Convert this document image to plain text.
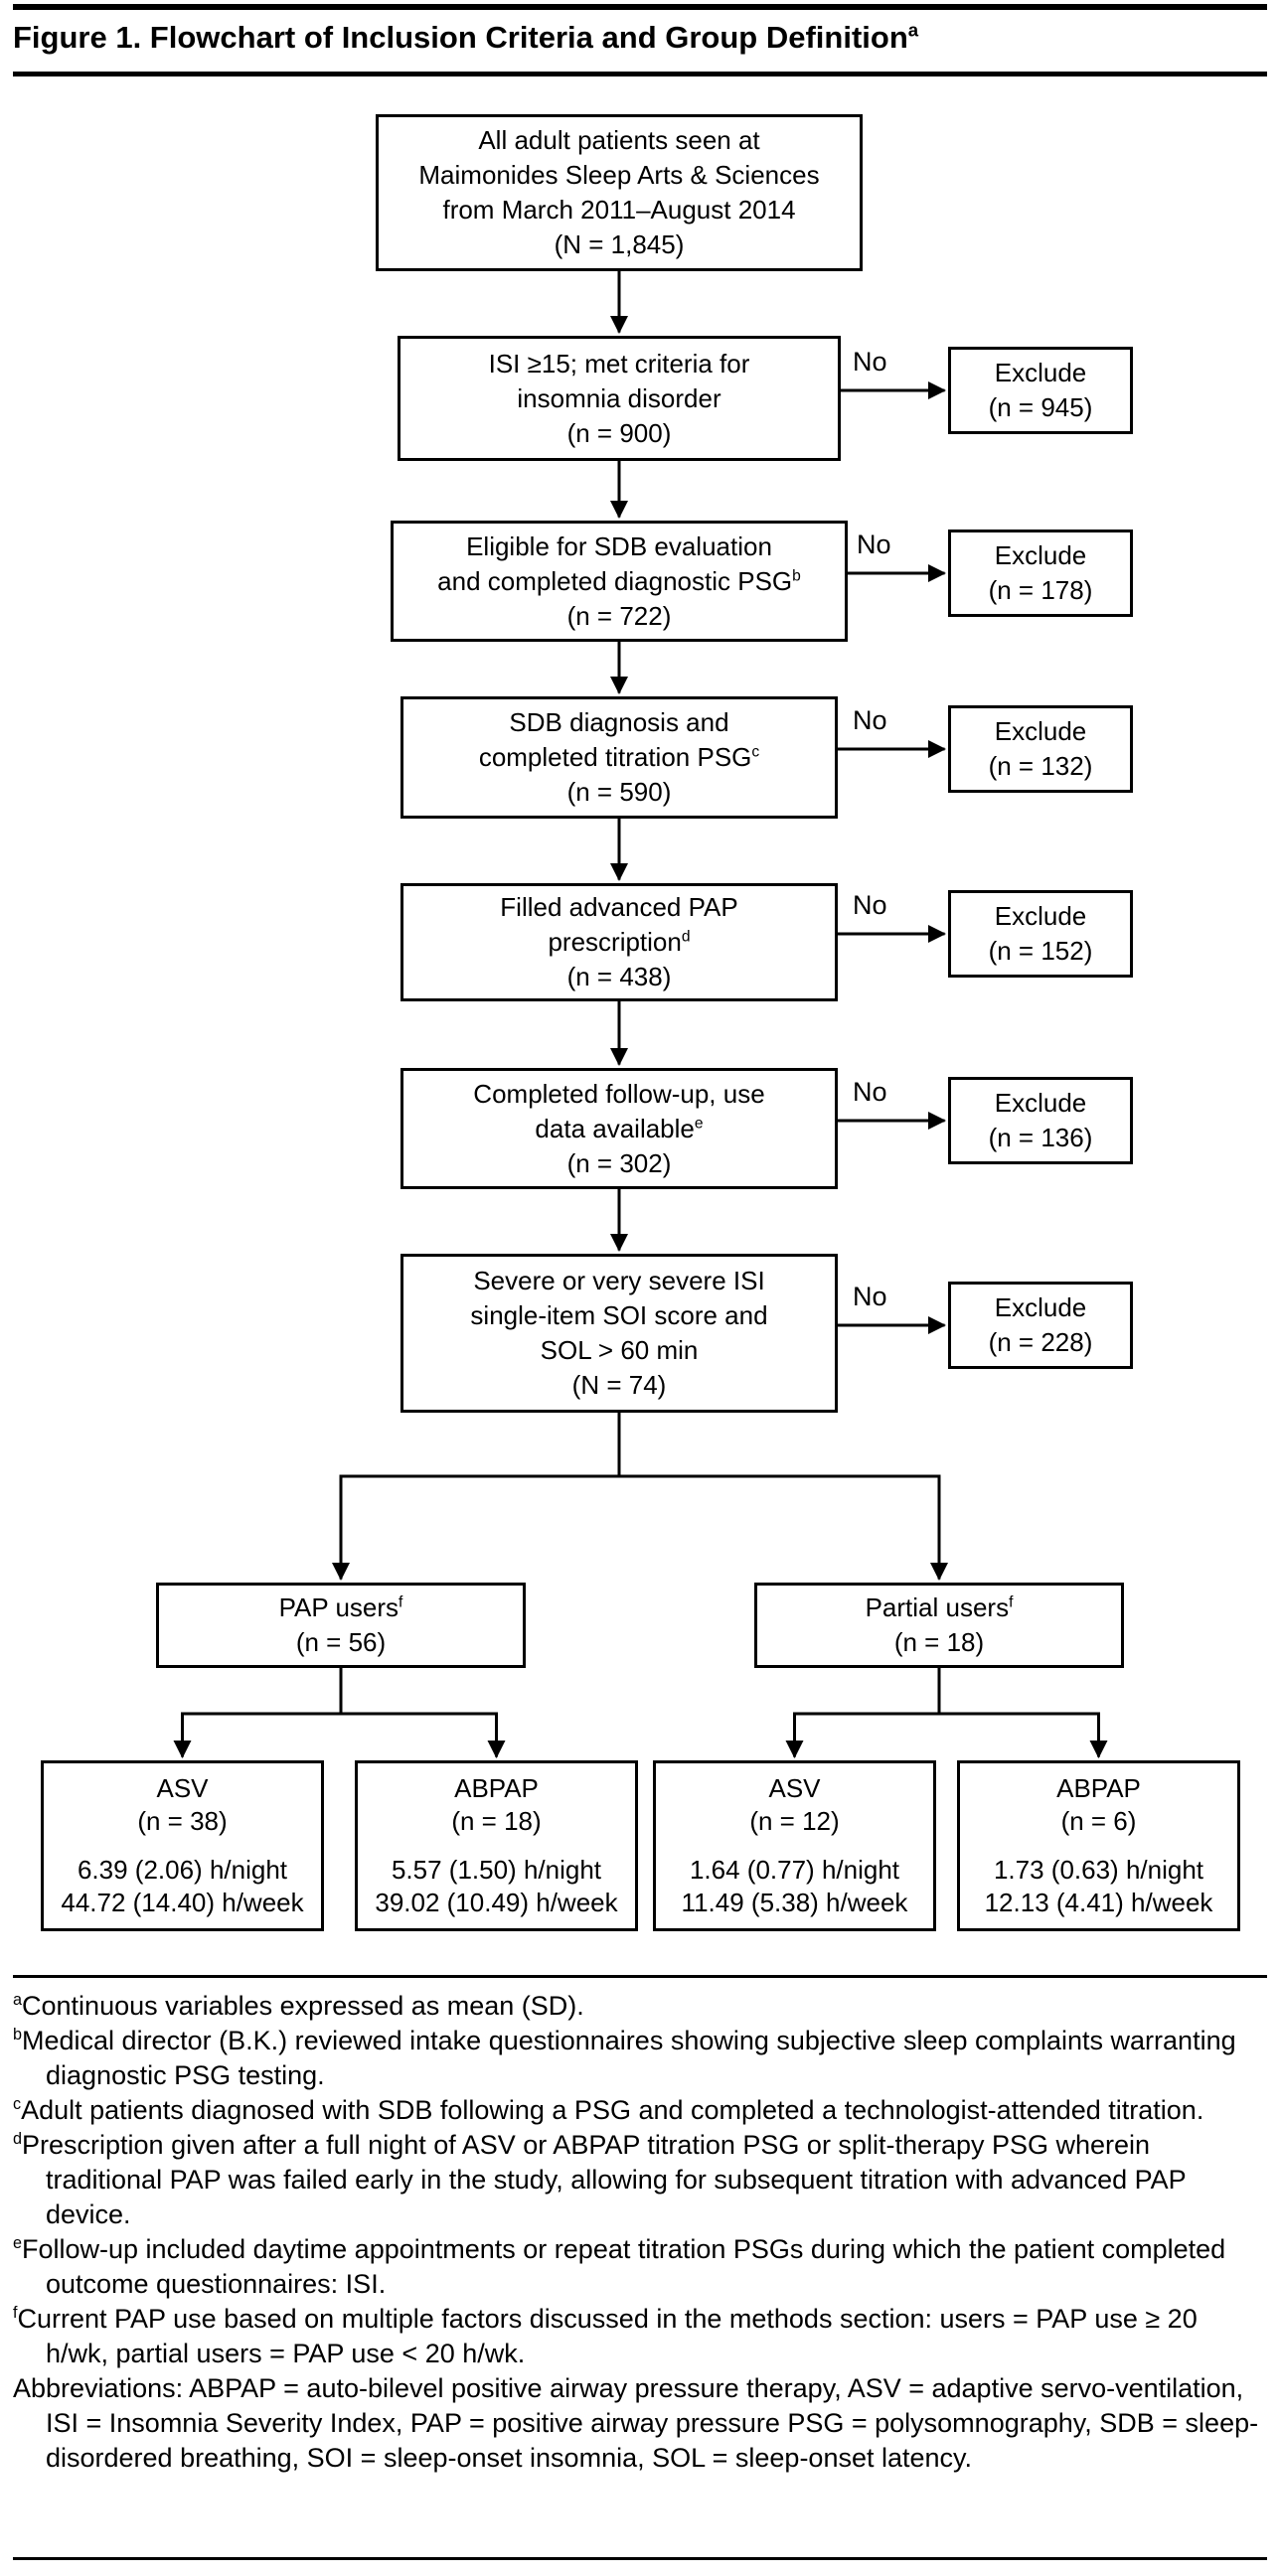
Figure 1. Flowchart of Inclusion Criteria and Group Definition$^a$
All adult patients seen at
Maimonides Sleep Arts & Sciences
from March 2011–August 2014
(N = 1,845)
ISI ≥15; met criteria for
insomnia disorder
(n = 900)
No	Exclude
(n = 945)
Eligible for SDB evaluation
and completed diagnostic PSG$^b$
(n = 722)
No	Exclude
(n = 178)
SDB diagnosis and
completed titration PSG$^c$
(n = 590)
No	Exclude
(n = 132)
Filled advanced PAP
prescription$^d$
(n = 438)
No	Exclude
(n = 152)
Completed follow-up, use
data available$^e$
(n = 302)
No	Exclude
(n = 136)
Severe or very severe ISI
single-item SOI score and
SOL > 60 min
(N = 74)
No	Exclude
(n = 228)
PAP users$^f$
(n = 56)
Partial users$^f$
(n = 18)
ASV
(n = 38)
6.39 (2.06) h/night
44.72 (14.40) h/week
ABPAP
(n = 18)
5.57 (1.50) h/night
39.02 (10.49) h/week
ASV
(n = 12)
1.64 (0.77) h/night
11.49 (5.38) h/week
ABPAP
(n = 6)
1.73 (0.63) h/night
12.13 (4.41) h/week
$^a$Continuous variables expressed as mean (SD).
$^b$Medical director (B.K.) reviewed intake questionnaires showing subjective sleep complaints warranting diagnostic PSG testing.
$^c$Adult patients diagnosed with SDB following a PSG and completed a technologist-attended titration.
$^d$Prescription given after a full night of ASV or ABPAP titration PSG or split-therapy PSG wherein traditional PAP was failed early in the study, allowing for subsequent titration with advanced PAP device.
$^e$Follow-up included daytime appointments or repeat titration PSGs during which the patient completed outcome questionnaires: ISI.
$^f$Current PAP use based on multiple factors discussed in the methods section: users = PAP use ≥ 20 h/wk, partial users = PAP use < 20 h/wk.
Abbreviations: ABPAP = auto-bilevel positive airway pressure therapy, ASV = adaptive servo-ventilation, ISI = Insomnia Severity Index, PAP = positive airway pressure PSG = polysomnography, SDB = sleep-disordered breathing, SOI = sleep-onset insomnia, SOL = sleep-onset latency.
